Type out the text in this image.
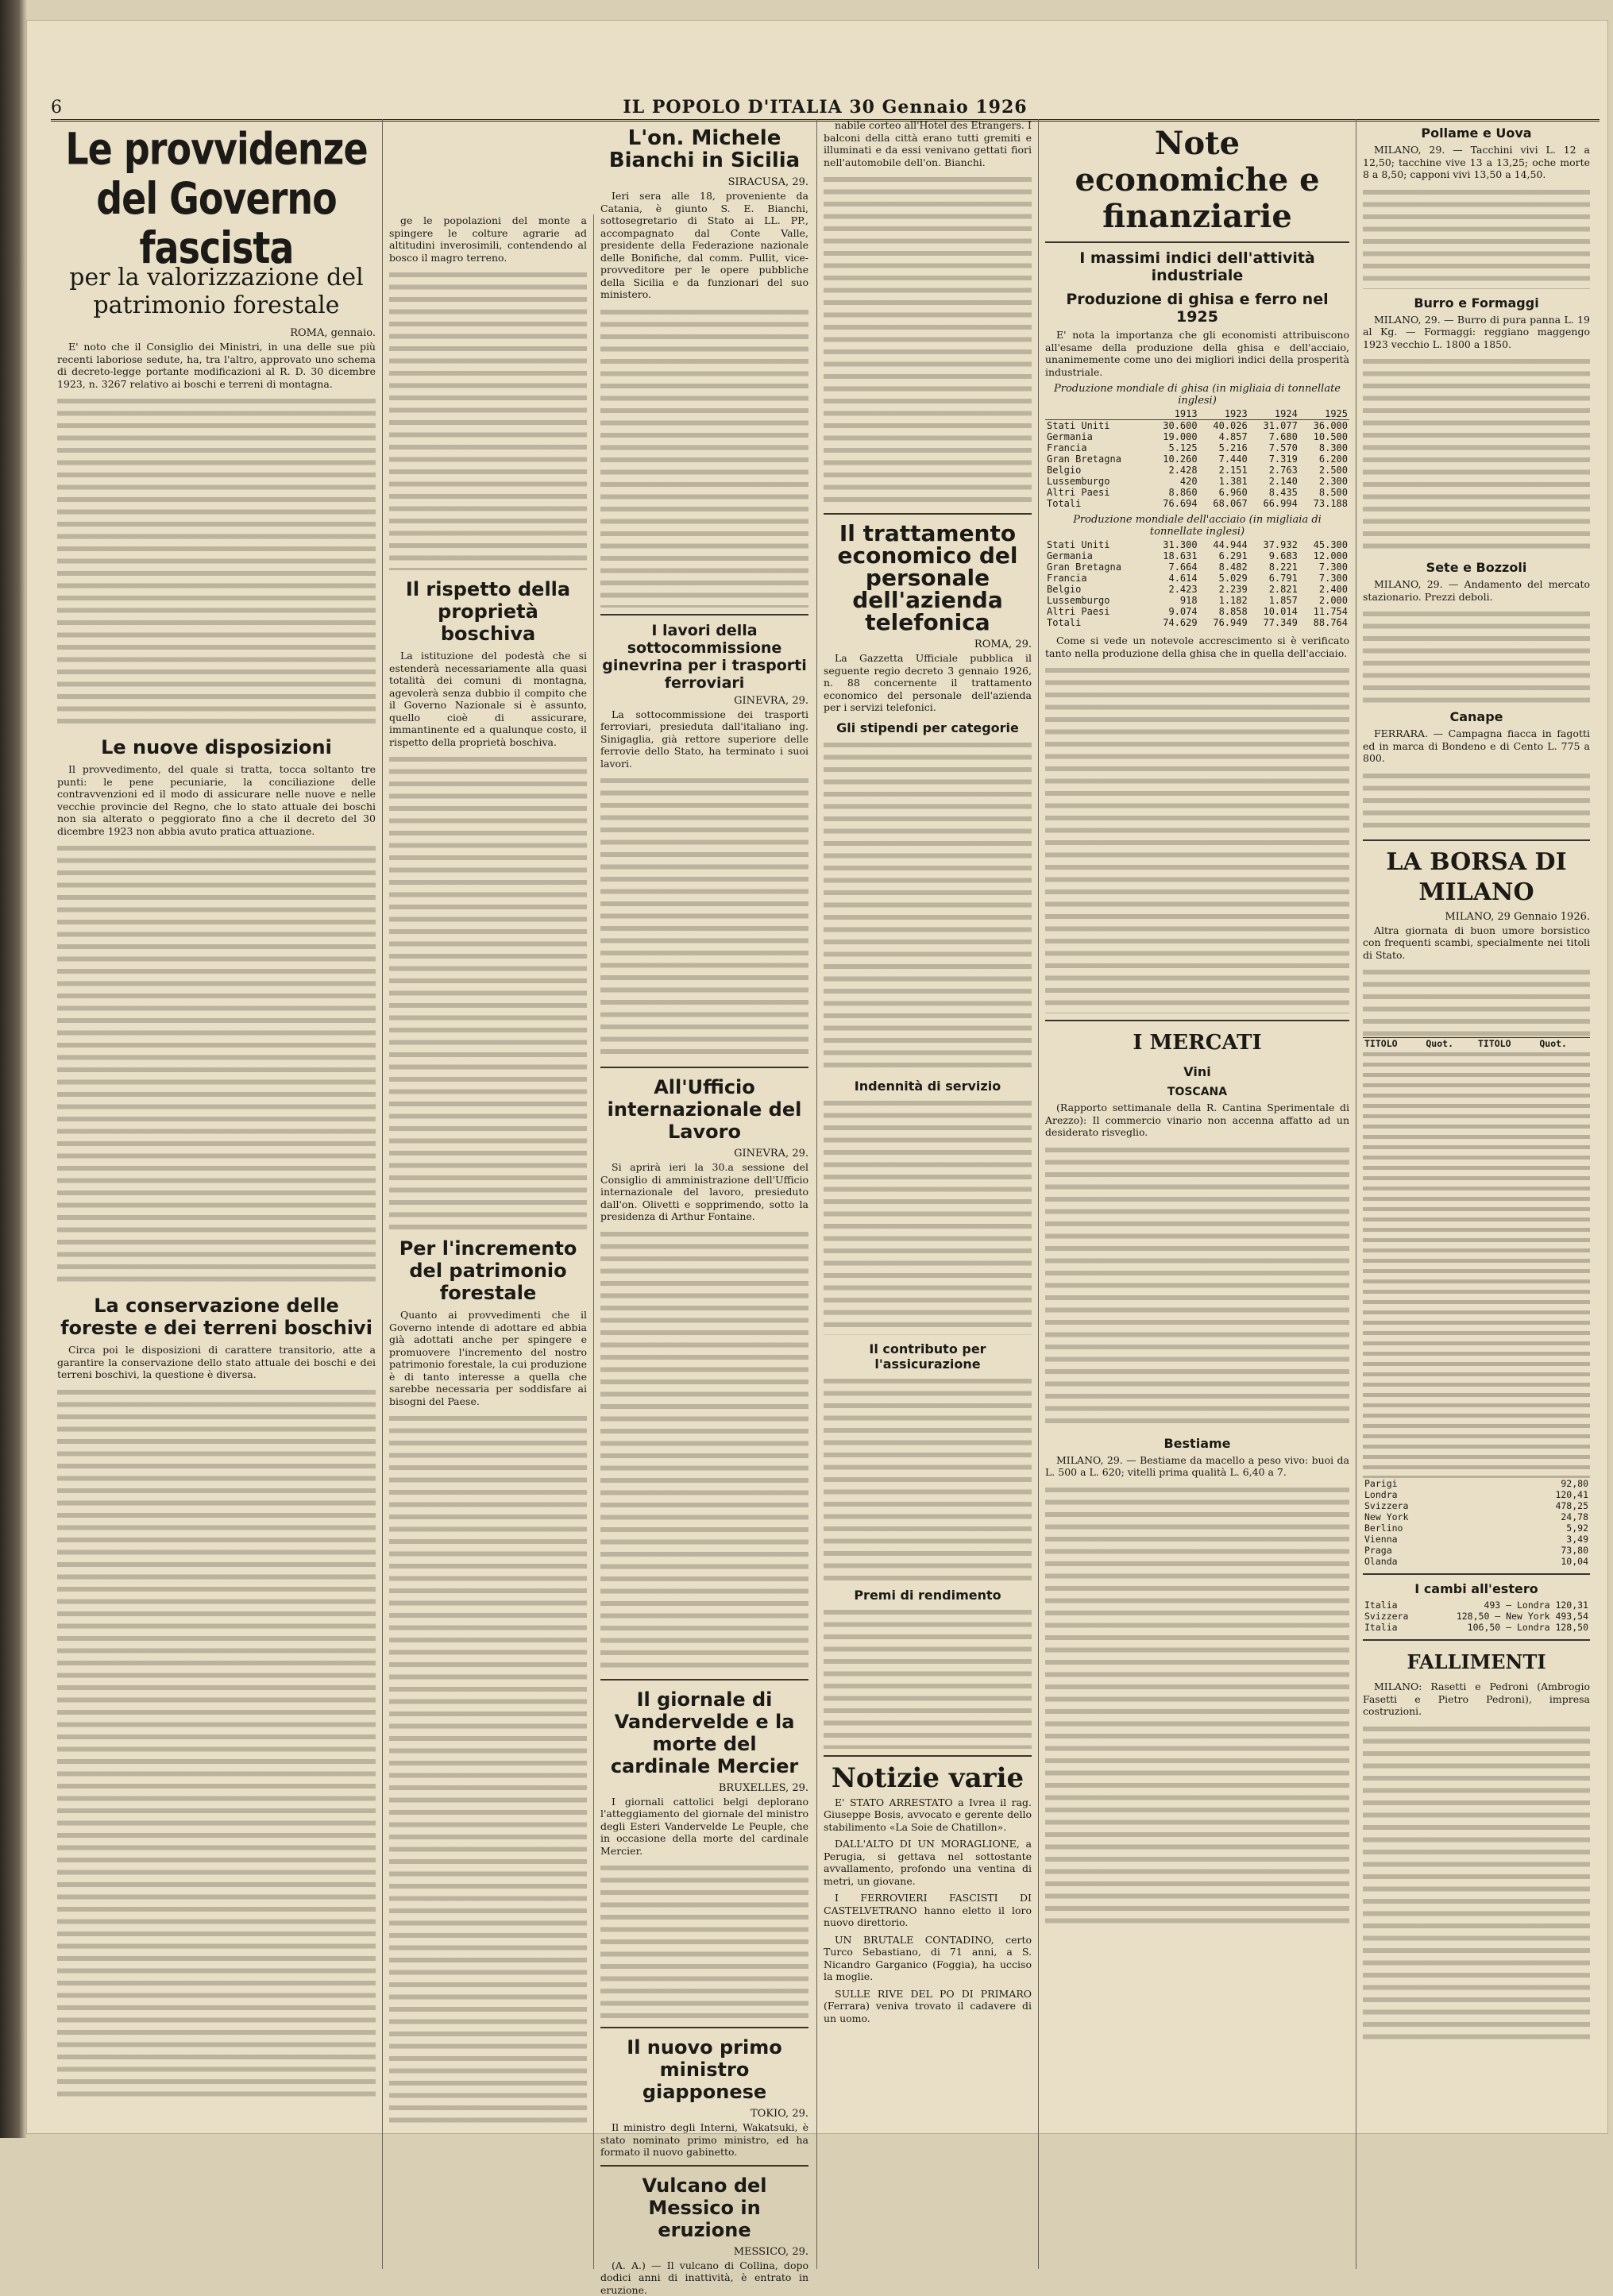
6	IL POPOLO D'ITALIA 30 Gennaio 1926
Le provvidenze del Governo fascista
per la valorizzazione del patrimonio forestale
ROMA, gennaio.

E' noto che il Consiglio dei Ministri, in una delle sue più recenti laboriose sedute, ha, tra l'altro, approvato uno schema di decreto-legge portante modificazioni al R. D. 30 dicembre 1923, n. 3267 relativo ai boschi e terreni di montagna.

Le nuove disposizioni

Il provvedimento, del quale si tratta, tocca soltanto tre punti: le pene pecuniarie, la conciliazione delle contravvenzioni ed il modo di assicurare nelle nuove e nelle vecchie provincie del Regno, che lo stato attuale dei boschi non sia alterato o peggiorato fino a che il decreto del 30 dicembre 1923 non abbia avuto pratica attuazione.

La conservazione delle foreste e dei terreni boschivi

Circa poi le disposizioni di carattere transitorio, atte a garantire la conservazione dello stato attuale dei boschi e dei terreni boschivi, la questione è diversa.

ge le popolazioni del monte a spingere le colture agrarie ad altitudini inverosimili, contendendo al bosco il magro terreno.

Il rispetto della proprietà boschiva

La istituzione del podestà che si estenderà necessariamente alla quasi totalità dei comuni di montagna, agevolerà senza dubbio il compito che il Governo Nazionale si è assunto, quello cioè di assicurare, immantinente ed a qualunque costo, il rispetto della proprietà boschiva.

Per l'incremento del patrimonio forestale

Quanto ai provvedimenti che il Governo intende di adottare ed abbia già adottati anche per spingere e promuovere l'incremento del nostro patrimonio forestale, la cui produzione è di tanto interesse a quella che sarebbe necessaria per soddisfare ai bisogni del Paese.

L'on. Michele Bianchi in Sicilia
SIRACUSA, 29.

Ieri sera alle 18, proveniente da Catania, è giunto S. E. Bianchi, sottosegretario di Stato ai LL. PP., accompagnato dal Conte Valle, presidente della Federazione nazionale delle Bonifiche, dal comm. Pullit, vice-provveditore per le opere pubbliche della Sicilia e da funzionari del suo ministero.

I lavori della sottocommissione ginevrina per i trasporti ferroviari
GINEVRA, 29.

La sottocommissione dei trasporti ferroviari, presieduta dall'italiano ing. Sinigaglia, già rettore superiore delle ferrovie dello Stato, ha terminato i suoi lavori.

All'Ufficio internazionale del Lavoro
GINEVRA, 29.

Si aprirà ieri la 30.a sessione del Consiglio di amministrazione dell'Ufficio internazionale del lavoro, presieduto dall'on. Olivetti e sopprimendo, sotto la presidenza di Arthur Fontaine.

Il giornale di Vandervelde e la morte del cardinale Mercier
BRUXELLES, 29.

I giornali cattolici belgi deplorano l'atteggiamento del giornale del ministro degli Esteri Vandervelde Le Peuple, che in occasione della morte del cardinale Mercier.

Il nuovo primo ministro giapponese
TOKIO, 29.

Il ministro degli Interni, Wakatsuki, è stato nominato primo ministro, ed ha formato il nuovo gabinetto.

Vulcano del Messico in eruzione
MESSICO, 29.

(A. A.) — Il vulcano di Collina, dopo dodici anni di inattività, è entrato in eruzione.

nabile corteo all'Hotel des Etrangers. I balconi della città erano tutti gremiti e illuminati e da essi venivano gettati fiori nell'automobile dell'on. Bianchi.

Il trattamento economico del personale dell'azienda telefonica
ROMA, 29.

La Gazzetta Ufficiale pubblica il seguente regio decreto 3 gennaio 1926, n. 88 concernente il trattamento economico del personale dell'azienda per i servizi telefonici.

Gli stipendi per categorie
Indennità di servizio
Il contributo per l'assicurazione
Premi di rendimento
Notizie varie

E' STATO ARRESTATO a Ivrea il rag. Giuseppe Bosis, avvocato e gerente dello stabilimento «La Soie de Chatillon».

DALL'ALTO DI UN MORAGLIONE, a Perugia, si gettava nel sottostante avvallamento, profondo una ventina di metri, un giovane.

I FERROVIERI FASCISTI DI CASTELVETRANO hanno eletto il loro nuovo direttorio.

UN BRUTALE CONTADINO, certo Turco Sebastiano, di 71 anni, a S. Nicandro Garganico (Foggia), ha ucciso la moglie.

SULLE RIVE DEL PO DI PRIMARO (Ferrara) veniva trovato il cadavere di un uomo.

Note economiche e finanziarie
I massimi indici dell'attività industriale
Produzione di ghisa e ferro nel 1925

E' nota la importanza che gli economisti attribuiscono all'esame della produzione della ghisa e dell'acciaio, unanimemente come uno dei migliori indici della prosperità industriale.

Produzione mondiale di ghisa (in migliaia di tonnellate inglesi)
	1913	1923	1924	1925
Stati Uniti	30.600	40.026	31.077	36.000
Germania	19.000	4.857	7.680	10.500
Francia	5.125	5.216	7.570	8.300
Gran Bretagna	10.260	7.440	7.319	6.200
Belgio	2.428	2.151	2.763	2.500
Lussemburgo	420	1.381	2.140	2.300
Altri Paesi	8.860	6.960	8.435	8.500
Totali	76.694	68.067	66.994	73.188
Produzione mondiale dell'acciaio (in migliaia di tonnellate inglesi)
Stati Uniti	31.300	44.944	37.932	45.300
Germania	18.631	6.291	9.683	12.000
Gran Bretagna	7.664	8.482	8.221	7.300
Francia	4.614	5.029	6.791	7.300
Belgio	2.423	2.239	2.821	2.400
Lussemburgo	918	1.182	1.857	2.000
Altri Paesi	9.074	8.858	10.014	11.754
Totali	74.629	76.949	77.349	88.764

Come si vede un notevole accrescimento si è verificato tanto nella produzione della ghisa che in quella dell'acciaio.

I MERCATI
Vini
TOSCANA

(Rapporto settimanale della R. Cantina Sperimentale di Arezzo): Il commercio vinario non accenna affatto ad un desiderato risveglio.

Bestiame

MILANO, 29. — Bestiame da macello a peso vivo: buoi da L. 500 a L. 620; vitelli prima qualità L. 6,40 a 7.

Pollame e Uova

MILANO, 29. — Tacchini vivi L. 12 a 12,50; tacchine vive 13 a 13,25; oche morte 8 a 8,50; capponi vivi 13,50 a 14,50.

Burro e Formaggi

MILANO, 29. — Burro di pura panna L. 19 al Kg. — Formaggi: reggiano maggengo 1923 vecchio L. 1800 a 1850.

Sete e Bozzoli

MILANO, 29. — Andamento del mercato stazionario. Prezzi deboli.

Canape

FERRARA. — Campagna fiacca in fagotti ed in marca di Bondeno e di Cento L. 775 a 800.

LA BORSA DI MILANO
MILANO, 29 Gennaio 1926.

Altra giornata di buon umore borsistico con frequenti scambi, specialmente nei titoli di Stato.

TITOLO	Quot.	TITOLO	Quot.
Parigi	92,80
Londra	120,41
Svizzera	478,25
New York	24,78
Berlino	5,92
Vienna	3,49
Praga	73,80
Olanda	10,04
I cambi all'estero
Italia	493 — Londra 120,31
Svizzera	128,50 — New York 493,54
Italia	106,50 — Londra 128,50
FALLIMENTI

MILANO: Rasetti e Pedroni (Ambrogio Fasetti e Pietro Pedroni), impresa costruzioni.
